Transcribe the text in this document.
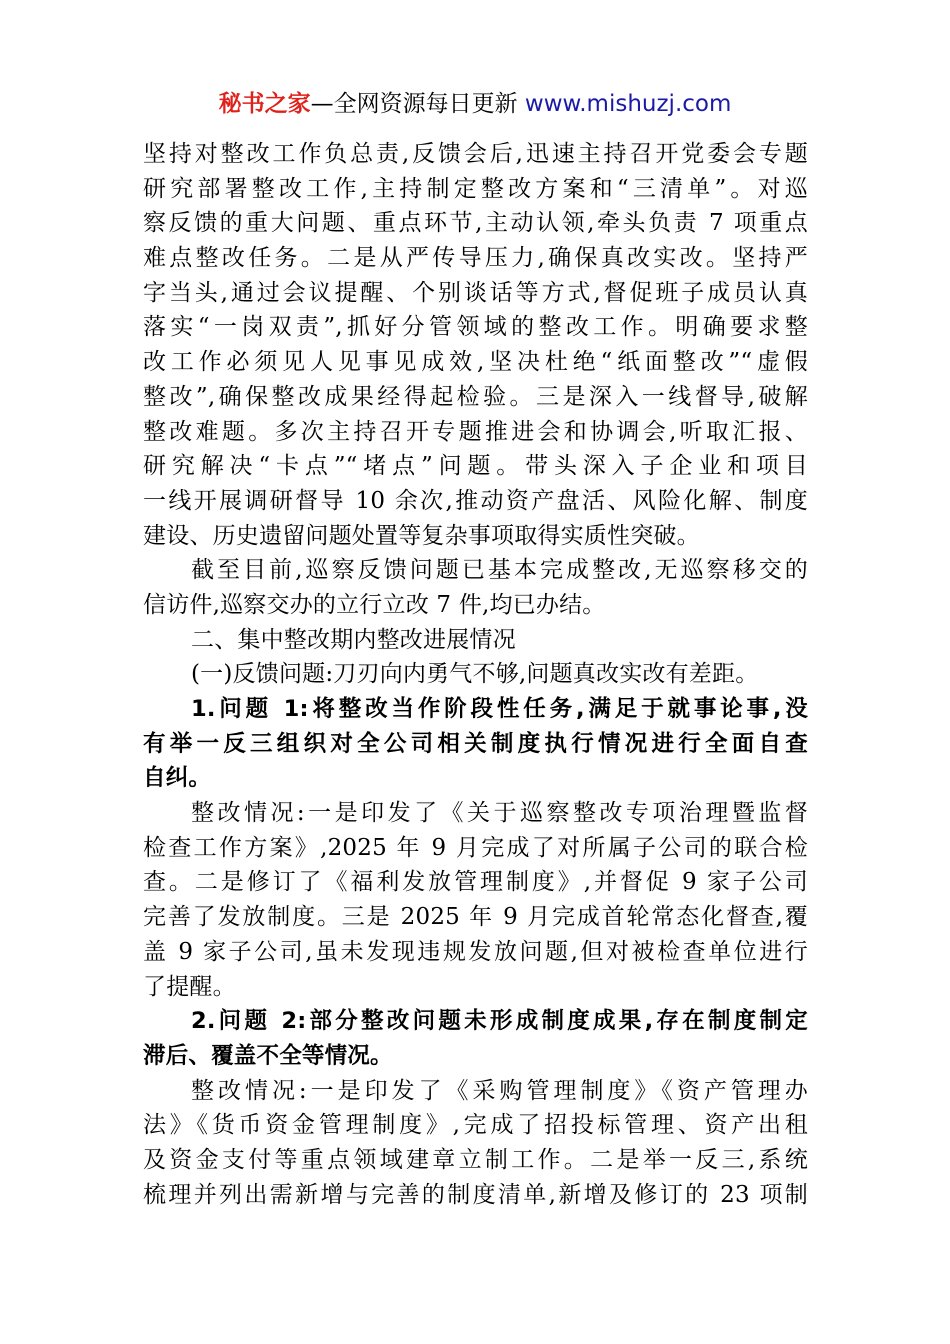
秘书之家—全网资源每日更新 www.mishuzj.com
坚持对整改工作负总责,反馈会后,迅速主持召开党委会专题
研究部署整改工作,主持制定整改方案和“三清单”。对巡
察反馈的重大问题、重点环节,主动认领,牵头负责 7 项重点
难点整改任务。二是从严传导压力,确保真改实改。坚持严
字当头,通过会议提醒、个别谈话等方式,督促班子成员认真
落实“一岗双责”,抓好分管领域的整改工作。明确要求整
改工作必须见人见事见成效,坚决杜绝“纸面整改”“虚假
整改”,确保整改成果经得起检验。三是深入一线督导,破解
整改难题。多次主持召开专题推进会和协调会,听取汇报、
研究解决“卡点”“堵点”问题。带头深入子企业和项目
一线开展调研督导 10 余次,推动资产盘活、风险化解、制度
建设、历史遗留问题处置等复杂事项取得实质性突破。
截至目前,巡察反馈问题已基本完成整改,无巡察移交的
信访件,巡察交办的立行立改 7 件,均已办结。
二、集中整改期内整改进展情况
(一)反馈问题:刀刃向内勇气不够,问题真改实改有差距。
1.问题 1:将整改当作阶段性任务,满足于就事论事,没
有举一反三组织对全公司相关制度执行情况进行全面自查
自纠。
整改情况:一是印发了《关于巡察整改专项治理暨监督
检查工作方案》,2025 年 9 月完成了对所属子公司的联合检
查。二是修订了《福利发放管理制度》,并督促 9 家子公司
完善了发放制度。三是 2025 年 9 月完成首轮常态化督查,覆
盖 9 家子公司,虽未发现违规发放问题,但对被检查单位进行
了提醒。
2.问题 2:部分整改问题未形成制度成果,存在制度制定
滞后、覆盖不全等情况。
整改情况:一是印发了《采购管理制度》《资产管理办
法》《货币资金管理制度》,完成了招投标管理、资产出租
及资金支付等重点领域建章立制工作。二是举一反三,系统
梳理并列出需新增与完善的制度清单,新增及修订的 23 项制
